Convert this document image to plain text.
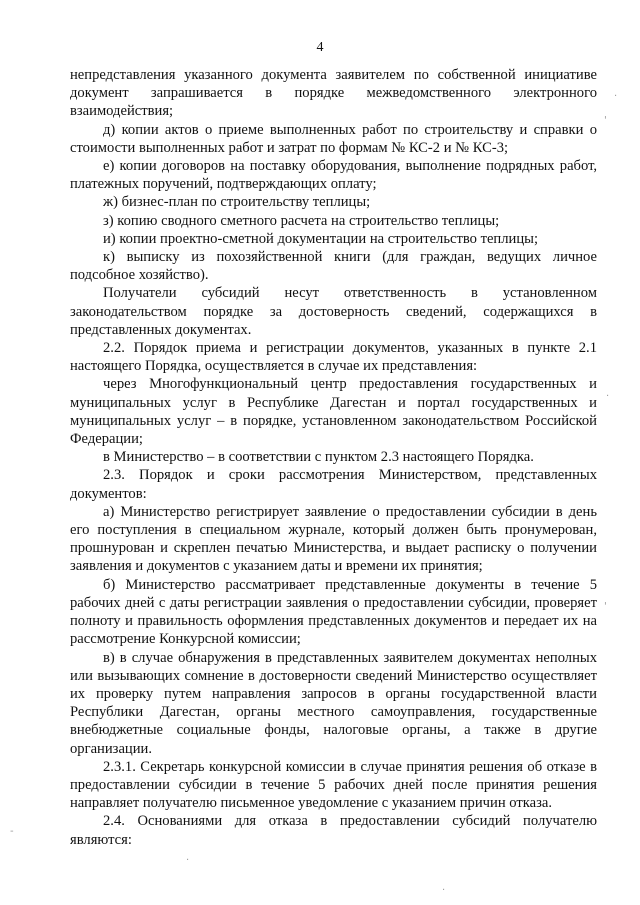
4

непредставления указанного документа заявителем по собственной инициативе документ запрашивается в порядке межведомственного электронного взаимодействия;

д) копии актов о приеме выполненных работ по строительству и справки о стоимости выполненных работ и затрат по формам № КС-2 и № КС-3;

е) копии договоров на поставку оборудования, выполнение подрядных работ, платежных поручений, подтверждающих оплату;

ж) бизнес-план по строительству теплицы;

з) копию сводного сметного расчета на строительство теплицы;

и) копии проектно-сметной документации на строительство теплицы;

к) выписку из похозяйственной книги (для граждан, ведущих личное подсобное хозяйство).

Получатели субсидий несут ответственность в установленном законодательством порядке за достоверность сведений, содержащихся в представленных документах.

2.2. Порядок приема и регистрации документов, указанных в пункте 2.1 настоящего Порядка, осуществляется в случае их представления:

через Многофункциональный центр предоставления государственных и муниципальных услуг в Республике Дагестан и портал государственных и муниципальных услуг – в порядке, установленном законодательством Российской Федерации;

в Министерство – в соответствии с пунктом 2.3 настоящего Порядка.

2.3. Порядок и сроки рассмотрения Министерством, представленных документов:

а) Министерство регистрирует заявление о предоставлении субсидии в день его поступления в специальном журнале, который должен быть пронумерован, прошнурован и скреплен печатью Министерства, и выдает расписку о получении заявления и документов с указанием даты и времени их принятия;

б) Министерство рассматривает представленные документы в течение 5 рабочих дней с даты регистрации заявления о предоставлении субсидии, проверяет полноту и правильность оформления представленных документов и передает их на рассмотрение Конкурсной комиссии;

в) в случае обнаружения в представленных заявителем документах неполных или вызывающих сомнение в достоверности сведений Министерство осуществляет их проверку путем направления запросов в органы государственной власти Республики Дагестан, органы местного самоуправления, государственные внебюджетные социальные фонды, налоговые органы, а также в другие организации.

2.3.1. Секретарь конкурсной комиссии в случае принятия решения об отказе в предоставлении субсидии в течение 5 рабочих дней после принятия решения направляет получателю письменное уведомление с указанием причин отказа.

2.4. Основаниями для отказа в предоставлении субсидий получателю являются:

·
'
·
'
-
·
·
